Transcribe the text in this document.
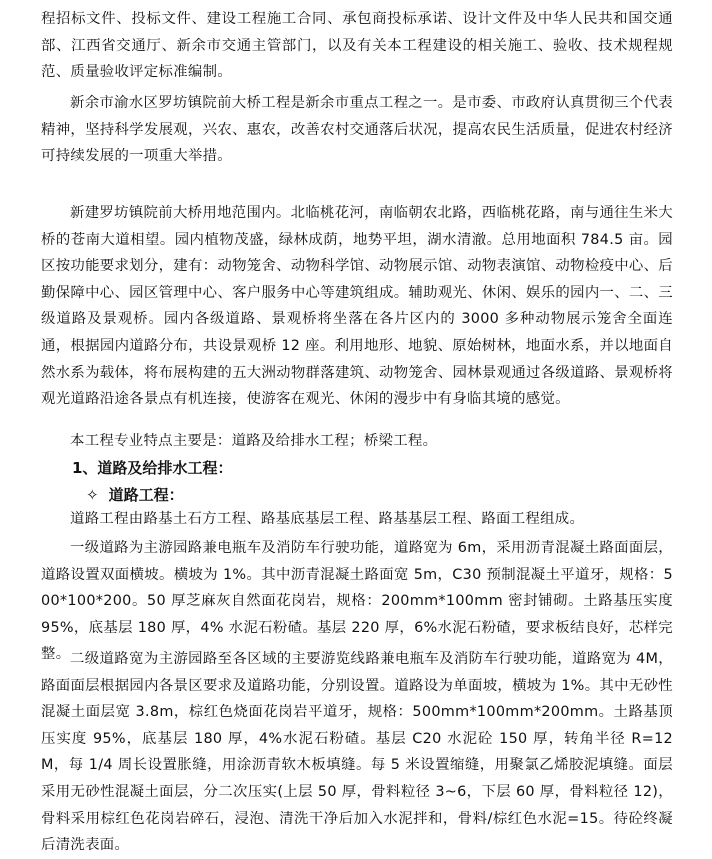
程招标文件、投标文件、建设工程施工合同、承包商投标承诺、设计文件及中华人民共和国交通部、江西省交通厅、新余市交通主管部门，以及有关本工程建设的相关施工、验收、技术规程规范、质量验收评定标准编制。
新余市渝水区罗坊镇院前大桥工程是新余市重点工程之一。是市委、市政府认真贯彻三个代表精神，坚持科学发展观，兴农、惠农，改善农村交通落后状况，提高农民生活质量，促进农村经济可持续发展的一项重大举措。
新建罗坊镇院前大桥用地范围内。北临桃花河，南临朝农北路，西临桃花路，南与通往生米大桥的苍南大道相望。园内植物茂盛，绿林成荫，地势平坦，湖水清澈。总用地面积 784.5 亩。园区按功能要求划分，建有：动物笼舍、动物科学馆、动物展示馆、动物表演馆、动物检疫中心、后勤保障中心、园区管理中心、客户服务中心等建筑组成。辅助观光、休闲、娱乐的园内一、二、三级道路及景观桥。园内各级道路、景观桥将坐落在各片区内的 3000 多种动物展示笼舍全面连通，根据园内道路分布，共设景观桥 12 座。利用地形、地貌、原始树林，地面水系，并以地面自然水系为载体，将布展构建的五大洲动物群落建筑、动物笼舍、园林景观通过各级道路、景观桥将观光道路沿途各景点有机连接，使游客在观光、休闲的漫步中有身临其境的感觉。
本工程专业特点主要是：道路及给排水工程；桥梁工程。
1、道路及给排水工程：
✧ 道路工程：
道路工程由路基土石方工程、路基底基层工程、路基基层工程、路面工程组成。
一级道路为主游园路兼电瓶车及消防车行驶功能，道路宽为 6m，采用沥青混凝土路面面层，道路设置双面横坡。横坡为 1%。其中沥青混凝土路面宽 5m，C30 预制混凝土平道牙，规格：500*100*200。50 厚芝麻灰自然面花岗岩，规格：200mm*100mm 密封铺砌。土路基压实度 95%，底基层 180 厚，4% 水泥石粉碴。基层 220 厚，6%水泥石粉碴，要求板结良好，芯样完整。 二级道路宽为主游园路至各区域的主要游览线路兼电瓶车及消防车行驶功能，道路宽为 4M，路面面层根据园内各景区要求及道路功能，分别设置。道路设为单面坡，横坡为 1%。其中无砂性混凝土面层宽 3.8m，棕红色烧面花岗岩平道牙，规格：500mm*100mm*200mm。土路基顶压实度 95%，底基层 180 厚，4%水泥石粉碴。基层 C20 水泥砼 150 厚，转角半径 R=12M，每 1/4 周长设置胀缝，用涂沥青软木板填缝。每 5 米设置缩缝，用聚氯乙烯胶泥填缝。面层采用无砂性混凝土面层，分二次压实(上层 50 厚，骨料粒径 3~6，下层 60 厚，骨料粒径 12)，骨料采用棕红色花岗岩碎石，浸泡、清洗干净后加入水泥拌和，骨料/棕红色水泥=15。待砼终凝后清洗表面。
